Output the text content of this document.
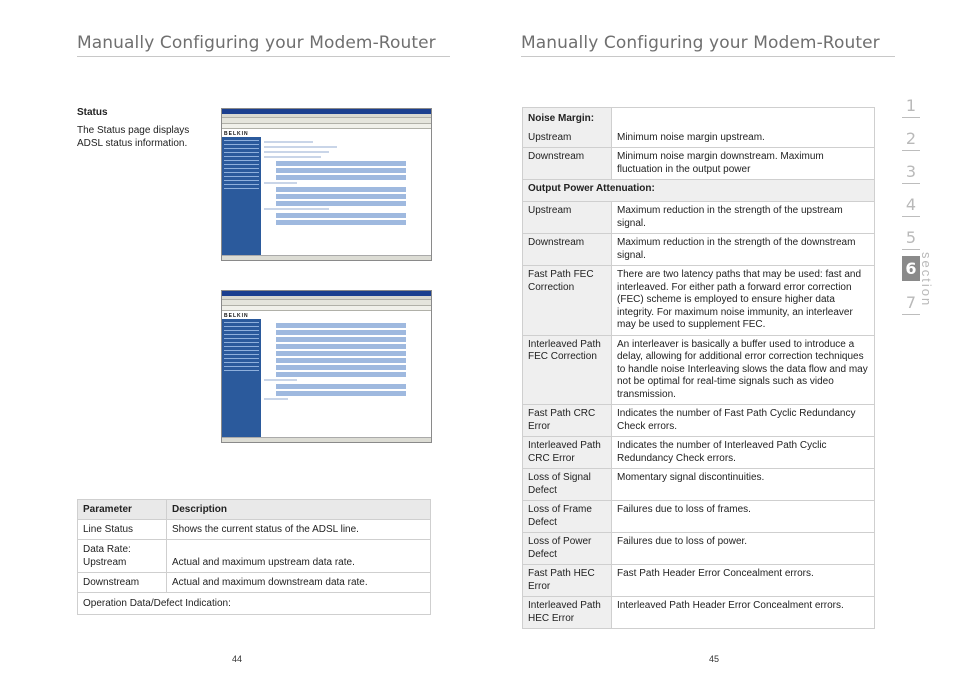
Manually Configuring your Modem-Router
Status
The Status page displays ADSL status information.
BELKIN
BELKIN
Parameter	Description
Line Status	Shows the current status of the ADSL line.
Data Rate: Upstream	Actual and maximum upstream data rate.
Downstream	Actual and maximum downstream data rate.
Operation Data/Defect Indication:	
44
Manually Configuring your Modem-Router
Noise Margin:	
Upstream	Minimum noise margin upstream.
Downstream	Minimum noise margin downstream. Maximum fluctuation in the output power
Output Power Attenuation:	
Upstream	Maximum reduction in the strength of the upstream signal.
Downstream	Maximum reduction in the strength of the downstream signal.
Fast Path FEC Correction	There are two latency paths that may be used: fast and interleaved. For either path a forward error correction (FEC) scheme is employed to ensure higher data integrity. For maximum noise immunity, an interleaver may be used to supplement FEC.
Interleaved Path FEC Correction	An interleaver is basically a buffer used to introduce a delay, allowing for additional error correction techniques to handle noise Interleaving slows the data flow and may not be optimal for real-time signals such as video transmission.
Fast Path CRC Error	Indicates the number of Fast Path Cyclic Redundancy Check errors.
Interleaved Path CRC Error	Indicates the number of Interleaved Path Cyclic Redundancy Check errors.
Loss of Signal Defect	Momentary signal discontinuities.
Loss of Frame Defect	Failures due to loss of frames.
Loss of Power Defect	Failures due to loss of power.
Fast Path HEC Error	Fast Path Header Error Concealment errors.
Interleaved Path HEC Error	Interleaved Path Header Error Concealment errors.
45
1
2
3
4
5
6
7 section
